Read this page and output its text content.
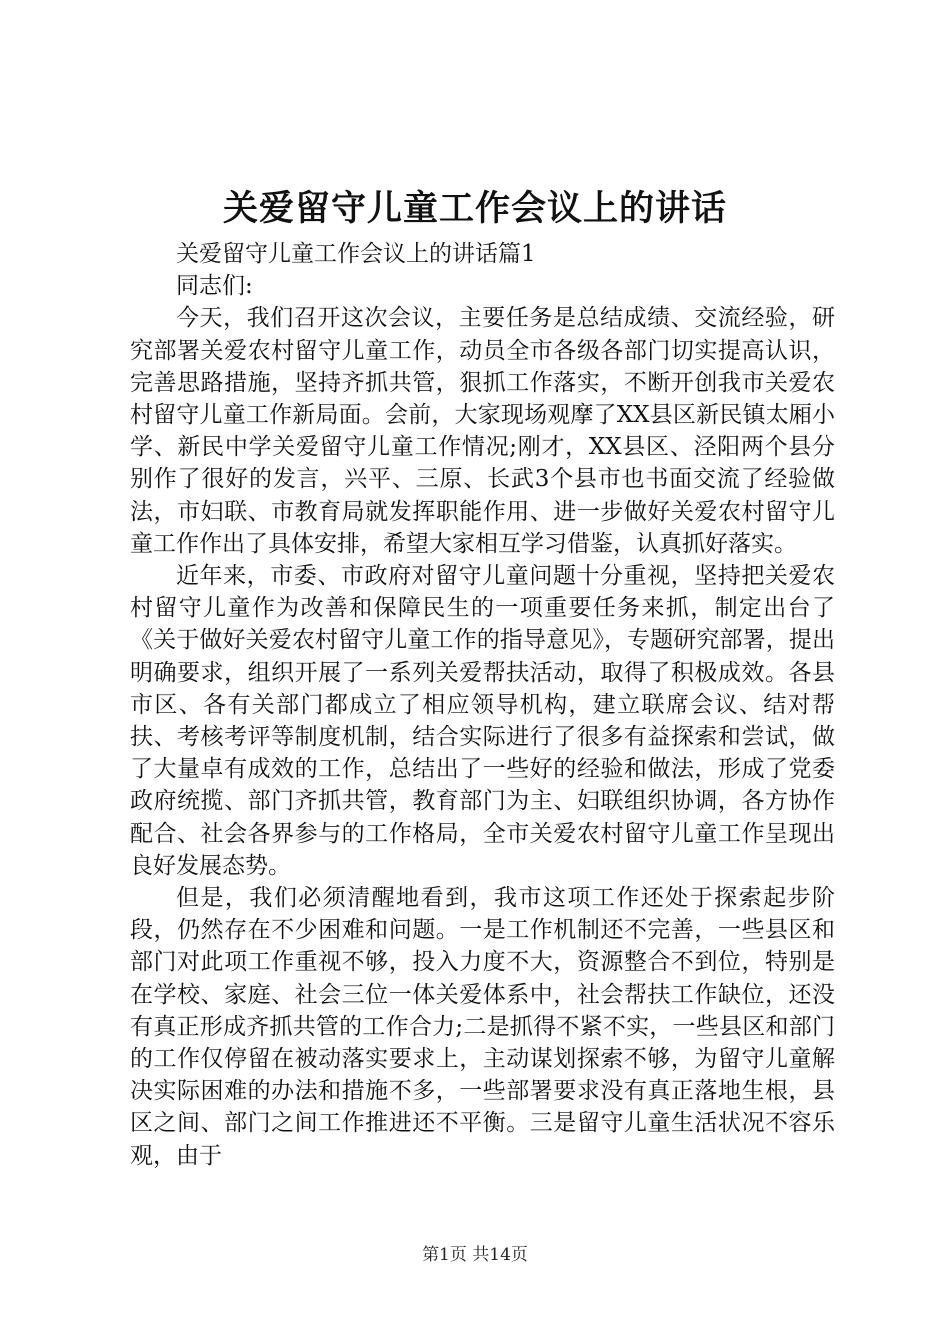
关爱留守儿童工作会议上的讲话

关爱留守儿童工作会议上的讲话篇1

同志们:

今天，我们召开这次会议，主要任务是总结成绩、交流经验，研究部署关爱农村留守儿童工作，动员全市各级各部门切实提高认识，完善思路措施，坚持齐抓共管，狠抓工作落实，不断开创我市关爱农村留守儿童工作新局面。会前，大家现场观摩了XX县区新民镇太厢小学、新民中学关爱留守儿童工作情况;刚才，XX县区、泾阳两个县分别作了很好的发言，兴平、三原、长武3个县市也书面交流了经验做法，市妇联、市教育局就发挥职能作用、进一步做好关爱农村留守儿童工作作出了具体安排，希望大家相互学习借鉴，认真抓好落实。

近年来，市委、市政府对留守儿童问题十分重视，坚持把关爱农村留守儿童作为改善和保障民生的一项重要任务来抓，制定出台了《关于做好关爱农村留守儿童工作的指导意见》，专题研究部署，提出明确要求，组织开展了一系列关爱帮扶活动，取得了积极成效。各县市区、各有关部门都成立了相应领导机构，建立联席会议、结对帮扶、考核考评等制度机制，结合实际进行了很多有益探索和尝试，做了大量卓有成效的工作，总结出了一些好的经验和做法，形成了党委政府统揽、部门齐抓共管，教育部门为主、妇联组织协调，各方协作配合、社会各界参与的工作格局，全市关爱农村留守儿童工作呈现出良好发展态势。

但是，我们必须清醒地看到，我市这项工作还处于探索起步阶段，仍然存在不少困难和问题。一是工作机制还不完善，一些县区和部门对此项工作重视不够，投入力度不大，资源整合不到位，特别是在学校、家庭、社会三位一体关爱体系中，社会帮扶工作缺位，还没有真正形成齐抓共管的工作合力;二是抓得不紧不实，一些县区和部门的工作仅停留在被动落实要求上，主动谋划探索不够，为留守儿童解决实际困难的办法和措施不多，一些部署要求没有真正落地生根，县区之间、部门之间工作推进还不平衡。三是留守儿童生活状况不容乐观，由于

第1页 共14页
